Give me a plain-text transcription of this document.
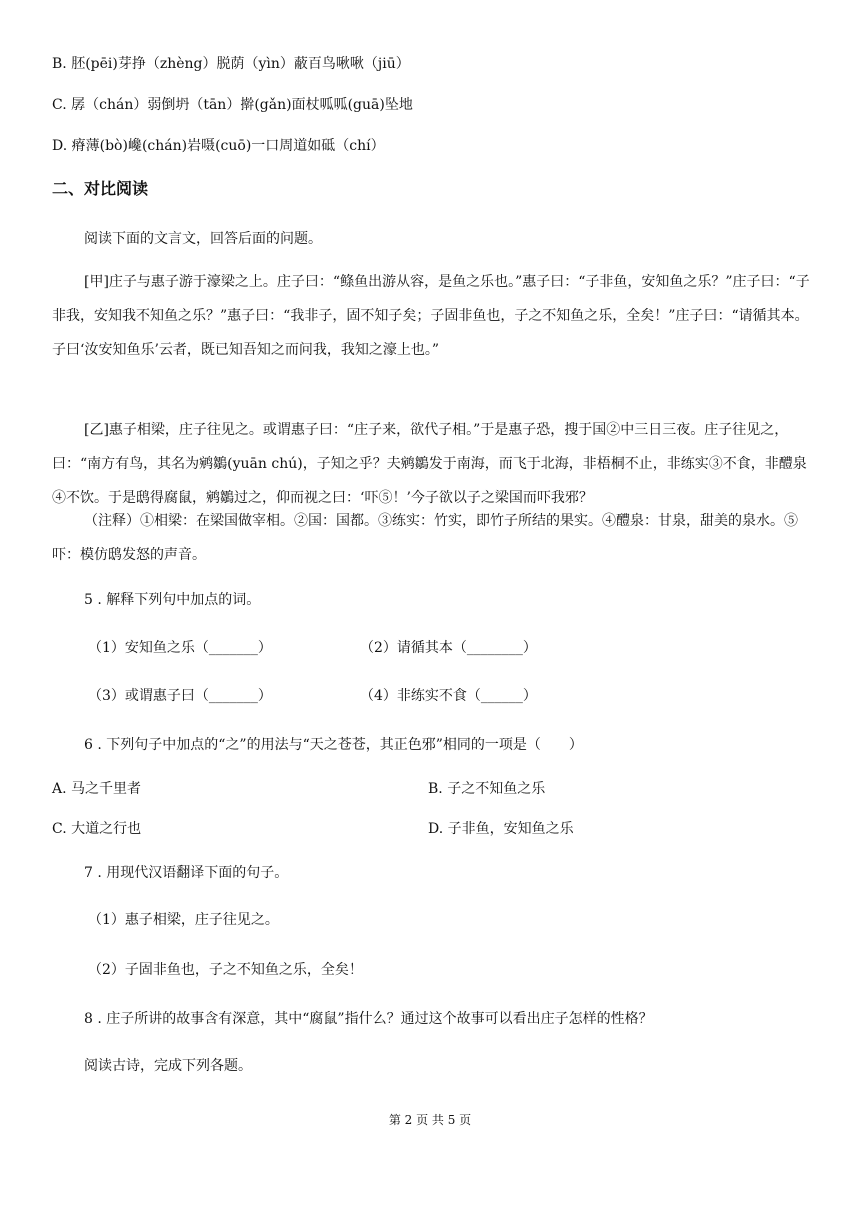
B. 胚(pēi)芽挣（zhèng）脱荫（yìn）蔽百鸟啾啾（jiū）
C. 孱（chán）弱倒坍（tān）擀(gǎn)面杖呱呱(guā)坠地
D. 瘠薄(bò)巉(chán)岩嗫(cuō)一口周道如砥（chí）
二、对比阅读
阅读下面的文言文，回答后面的问题。
[甲]庄子与惠子游于濠梁之上。庄子曰：“鲦鱼出游从容，是鱼之乐也。”惠子曰：“子非鱼，安知鱼之乐？”庄子曰：“子非我，安知我不知鱼之乐？”惠子曰：“我非子，固不知子矣；子固非鱼也，子之不知鱼之乐，全矣！”庄子曰：“请循其本。子曰‘汝安知鱼乐’云者，既已知吾知之而问我，我知之濠上也。”
[乙]惠子相梁，庄子往见之。或谓惠子曰：“庄子来，欲代子相。”于是惠子恐，搜于国②中三日三夜。庄子往见之，曰：“南方有鸟，其名为鹓鶵(yuān chú)，子知之乎？夫鹓鶵发于南海，而飞于北海，非梧桐不止，非练实③不食，非醴泉④不饮。于是鸱得腐鼠，鹓鶵过之，仰而视之曰：‘吓⑤！’今子欲以子之梁国而吓我邪？
（注释）①相梁：在梁国做宰相。②国：国都。③练实：竹实，即竹子所结的果实。④醴泉：甘泉，甜美的泉水。⑤吓：模仿鸱发怒的声音。
5 . 解释下列句中加点的词。
（1）安知鱼之乐（_______）	（2）请循其本（________）
（3）或谓惠子曰（_______）	（4）非练实不食（______）
6 . 下列句子中加点的“之”的用法与“天之苍苍，其正色邪”相同的一项是（　　）
A. 马之千里者	B. 子之不知鱼之乐
C. 大道之行也	D. 子非鱼，安知鱼之乐
7 . 用现代汉语翻译下面的句子。
（1）惠子相梁，庄子往见之。
（2）子固非鱼也，子之不知鱼之乐，全矣！
8 . 庄子所讲的故事含有深意，其中“腐鼠”指什么？通过这个故事可以看出庄子怎样的性格？
阅读古诗，完成下列各题。
第 2 页 共 5 页
